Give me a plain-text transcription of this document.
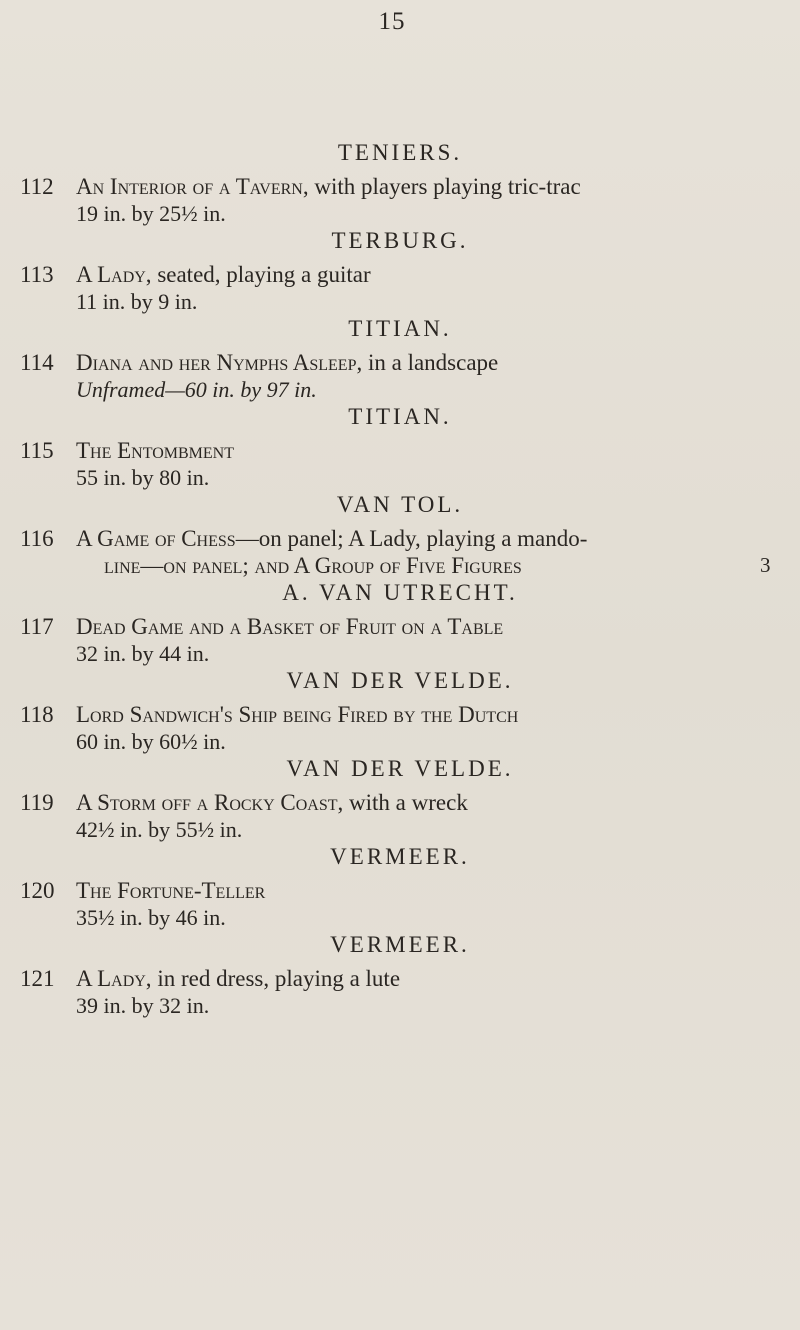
15
TENIERS.
112 An Interior of a Tavern, with players playing tric-trac
19 in. by 25½ in.
TERBURG.
113 A Lady, seated, playing a guitar
11 in. by 9 in.
TITIAN.
114 Diana and her Nymphs Asleep, in a landscape
Unframed—60 in. by 97 in.
TITIAN.
115 The Entombment
55 in. by 80 in.
VAN TOL.
116 A Game of Chess—on panel; A Lady, playing a mando-
line—on panel; and A Group of Five Figures	3
A. VAN UTRECHT.
117 Dead Game and a Basket of Fruit on a Table
32 in. by 44 in.
VAN DER VELDE.
118 Lord Sandwich's Ship being Fired by the Dutch
60 in. by 60½ in.
VAN DER VELDE.
119 A Storm off a Rocky Coast, with a wreck
42½ in. by 55½ in.
VERMEER.
120 The Fortune-Teller
35½ in. by 46 in.
VERMEER.
121 A Lady, in red dress, playing a lute
39 in. by 32 in.
